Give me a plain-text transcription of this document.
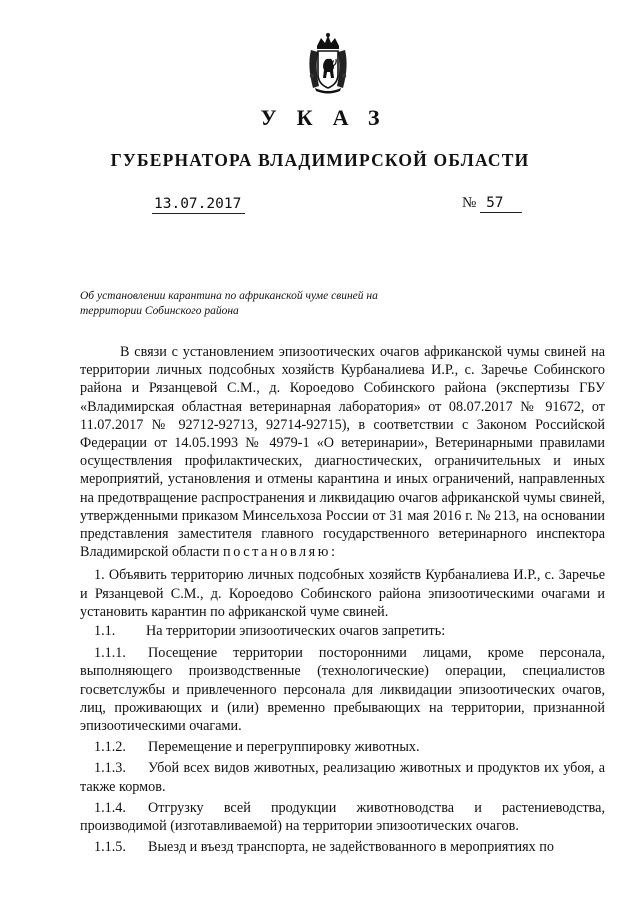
УКАЗ
ГУБЕРНАТОРА ВЛАДИМИРСКОЙ ОБЛАСТИ
13.07.2017	№ 57
Об установлении карантина по африканской чуме свиней на территории Собинского района

В связи с установлением эпизоотических очагов африканской чумы свиней на территории личных подсобных хозяйств Курбаналиева И.Р., с. Заречье Собинского района и Рязанцевой С.М., д. Короедово Собинского района (экспертизы ГБУ «Владимирская областная ветеринарная лаборатория» от 08.07.2017 № 91672, от 11.07.2017 № 92712-92713, 92714-92715), в соответствии с Законом Российской Федерации от 14.05.1993 № 4979-1 «О ветеринарии», Ветеринарными правилами осуществления профилактических, диагностических, ограничительных и иных мероприятий, установления и отмены карантина и иных ограничений, направленных на предотвращение распространения и ликвидацию очагов африканской чумы свиней, утвержденными приказом Минсельхоза России от 31 мая 2016 г. № 213, на основании представления заместителя главного государственного ветеринарного инспектора Владимирской области постановляю:

1. Объявить территорию личных подсобных хозяйств Курбаналиева И.Р., с. Заречье и Рязанцевой С.М., д. Короедово Собинского района эпизоотическими очагами и установить карантин по африканской чуме свиней.

1.1.	На территории эпизоотических очагов запретить:

1.1.1. Посещение территории посторонними лицами, кроме персонала, выполняющего производственные (технологические) операции, специалистов госветслужбы и привлеченного персонала для ликвидации эпизоотических очагов, лиц, проживающих и (или) временно пребывающих на территории, признанной эпизоотическими очагами.

1.1.2. Перемещение и перегруппировку животных.

1.1.3. Убой всех видов животных, реализацию животных и продуктов их убоя, а также кормов.

1.1.4. Отгрузку всей продукции животноводства и растениеводства, производимой (изготавливаемой) на территории эпизоотических очагов.

1.1.5. Выезд и въезд транспорта, не задействованного в мероприятиях по
